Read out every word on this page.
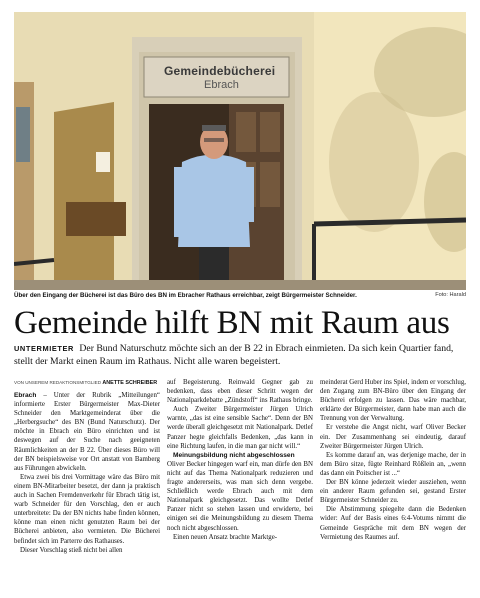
Gemeindebücherei
Ebrach
Über den Eingang der Bücherei ist das Büro des BN im Ebracher Rathaus erreichbar, zeigt Bürgermeister Schneider.	Foto: Harald
Gemeinde hilft BN mit Raum aus
UNTERMIETER Der Bund Naturschutz möchte sich an der B 22 in Ebrach einmieten. Da sich kein Quartier fand, stellt der Markt einen Raum im Rathaus. Nicht alle waren begeistert.
VON UNSEREM REDAKTIONSMITGLIED ANETTE SCHREIBER

Ebrach – Unter der Rubrik „Mitteilungen“ informierte Erster Bürgermeister Max-Dieter Schneider den Marktgemeinderat über die „Herbergsuche“ des BN (Bund Naturschutz). Der möchte in Ebrach ein Büro einrichten und ist deswegen auf der Suche nach geeigneten Räumlichkeiten an der B 22. Über dieses Büro will der BN beispielsweise vor Ort anstatt von Bamberg aus Führungen abwickeln.

Etwa zwei bis drei Vormittage wäre das Büro mit einem BN-Mitarbeiter besetzt, der dann ja praktisch auch in Sachen Fremdenverkehr für Ebrach tätig ist, warb Schneider für den Vorschlag, den er auch unterbreitete: Da der BN nichts habe finden können, könne man einen nicht genutzten Raum bei der Bücherei anbieten, also vermieten. Die Bücherei befindet sich im Parterre des Rathauses.

Dieser Vorschlag stieß nicht bei allen

auf Begeisterung. Reinwald Gegner gab zu bedenken, dass eben dieser Schritt wegen der Nationalparkdebatte „Zündstoff“ ins Rathaus bringe.

Auch Zweiter Bürgermeister Jürgen Ulrich warnte, „das ist eine sensible Sache“. Denn der BN werde überall gleichgesetzt mit Nationalpark. Detlef Panzer hegte gleichfalls Bedenken, „das kann in eine Richtung laufen, in die man gar nicht will.“

Meinungsbildung nicht abgeschlossen

Oliver Becker hingegen warf ein, man dürfe den BN nicht auf das Thema Nationalpark reduzieren und fragte andererseits, was man sich denn vergebe. Schließlich werde Ebrach auch mit dem Nationalpark gleichgesetzt. Das wollte Detlef Panzer nicht so stehen lassen und erwiderte, bei einigen sei die Meinungsbildung zu diesem Thema noch nicht abgeschlossen.

Einen neuen Ansatz brachte Marktge-

meinderat Gerd Huber ins Spiel, indem er vorschlug, den Zugang zum BN-Büro über den Eingang der Bücherei erfolgen zu lassen. Das wäre machbar, erklärte der Bürgermeister, dann habe man auch die Trennung von der Verwaltung.

Er verstehe die Angst nicht, warf Oliver Becker ein. Der Zusammenhang sei eindeutig, darauf Zweiter Bürgermeister Jürgen Ulrich.

Es komme darauf an, was derjenige mache, der in dem Büro sitze, fügte Reinhard Rößlein an, „wenn das dann ein Poitscher ist ...“

Der BN könne jederzeit wieder ausziehen, wenn ein anderer Raum gefunden sei, gestand Erster Bürgermeister Schneider zu.

Die Abstimmung spiegelte dann die Bedenken wider: Auf der Basis eines 6:4-Votums nimmt die Gemeinde Gespräche mit dem BN wegen der Vermietung des Raumes auf.
